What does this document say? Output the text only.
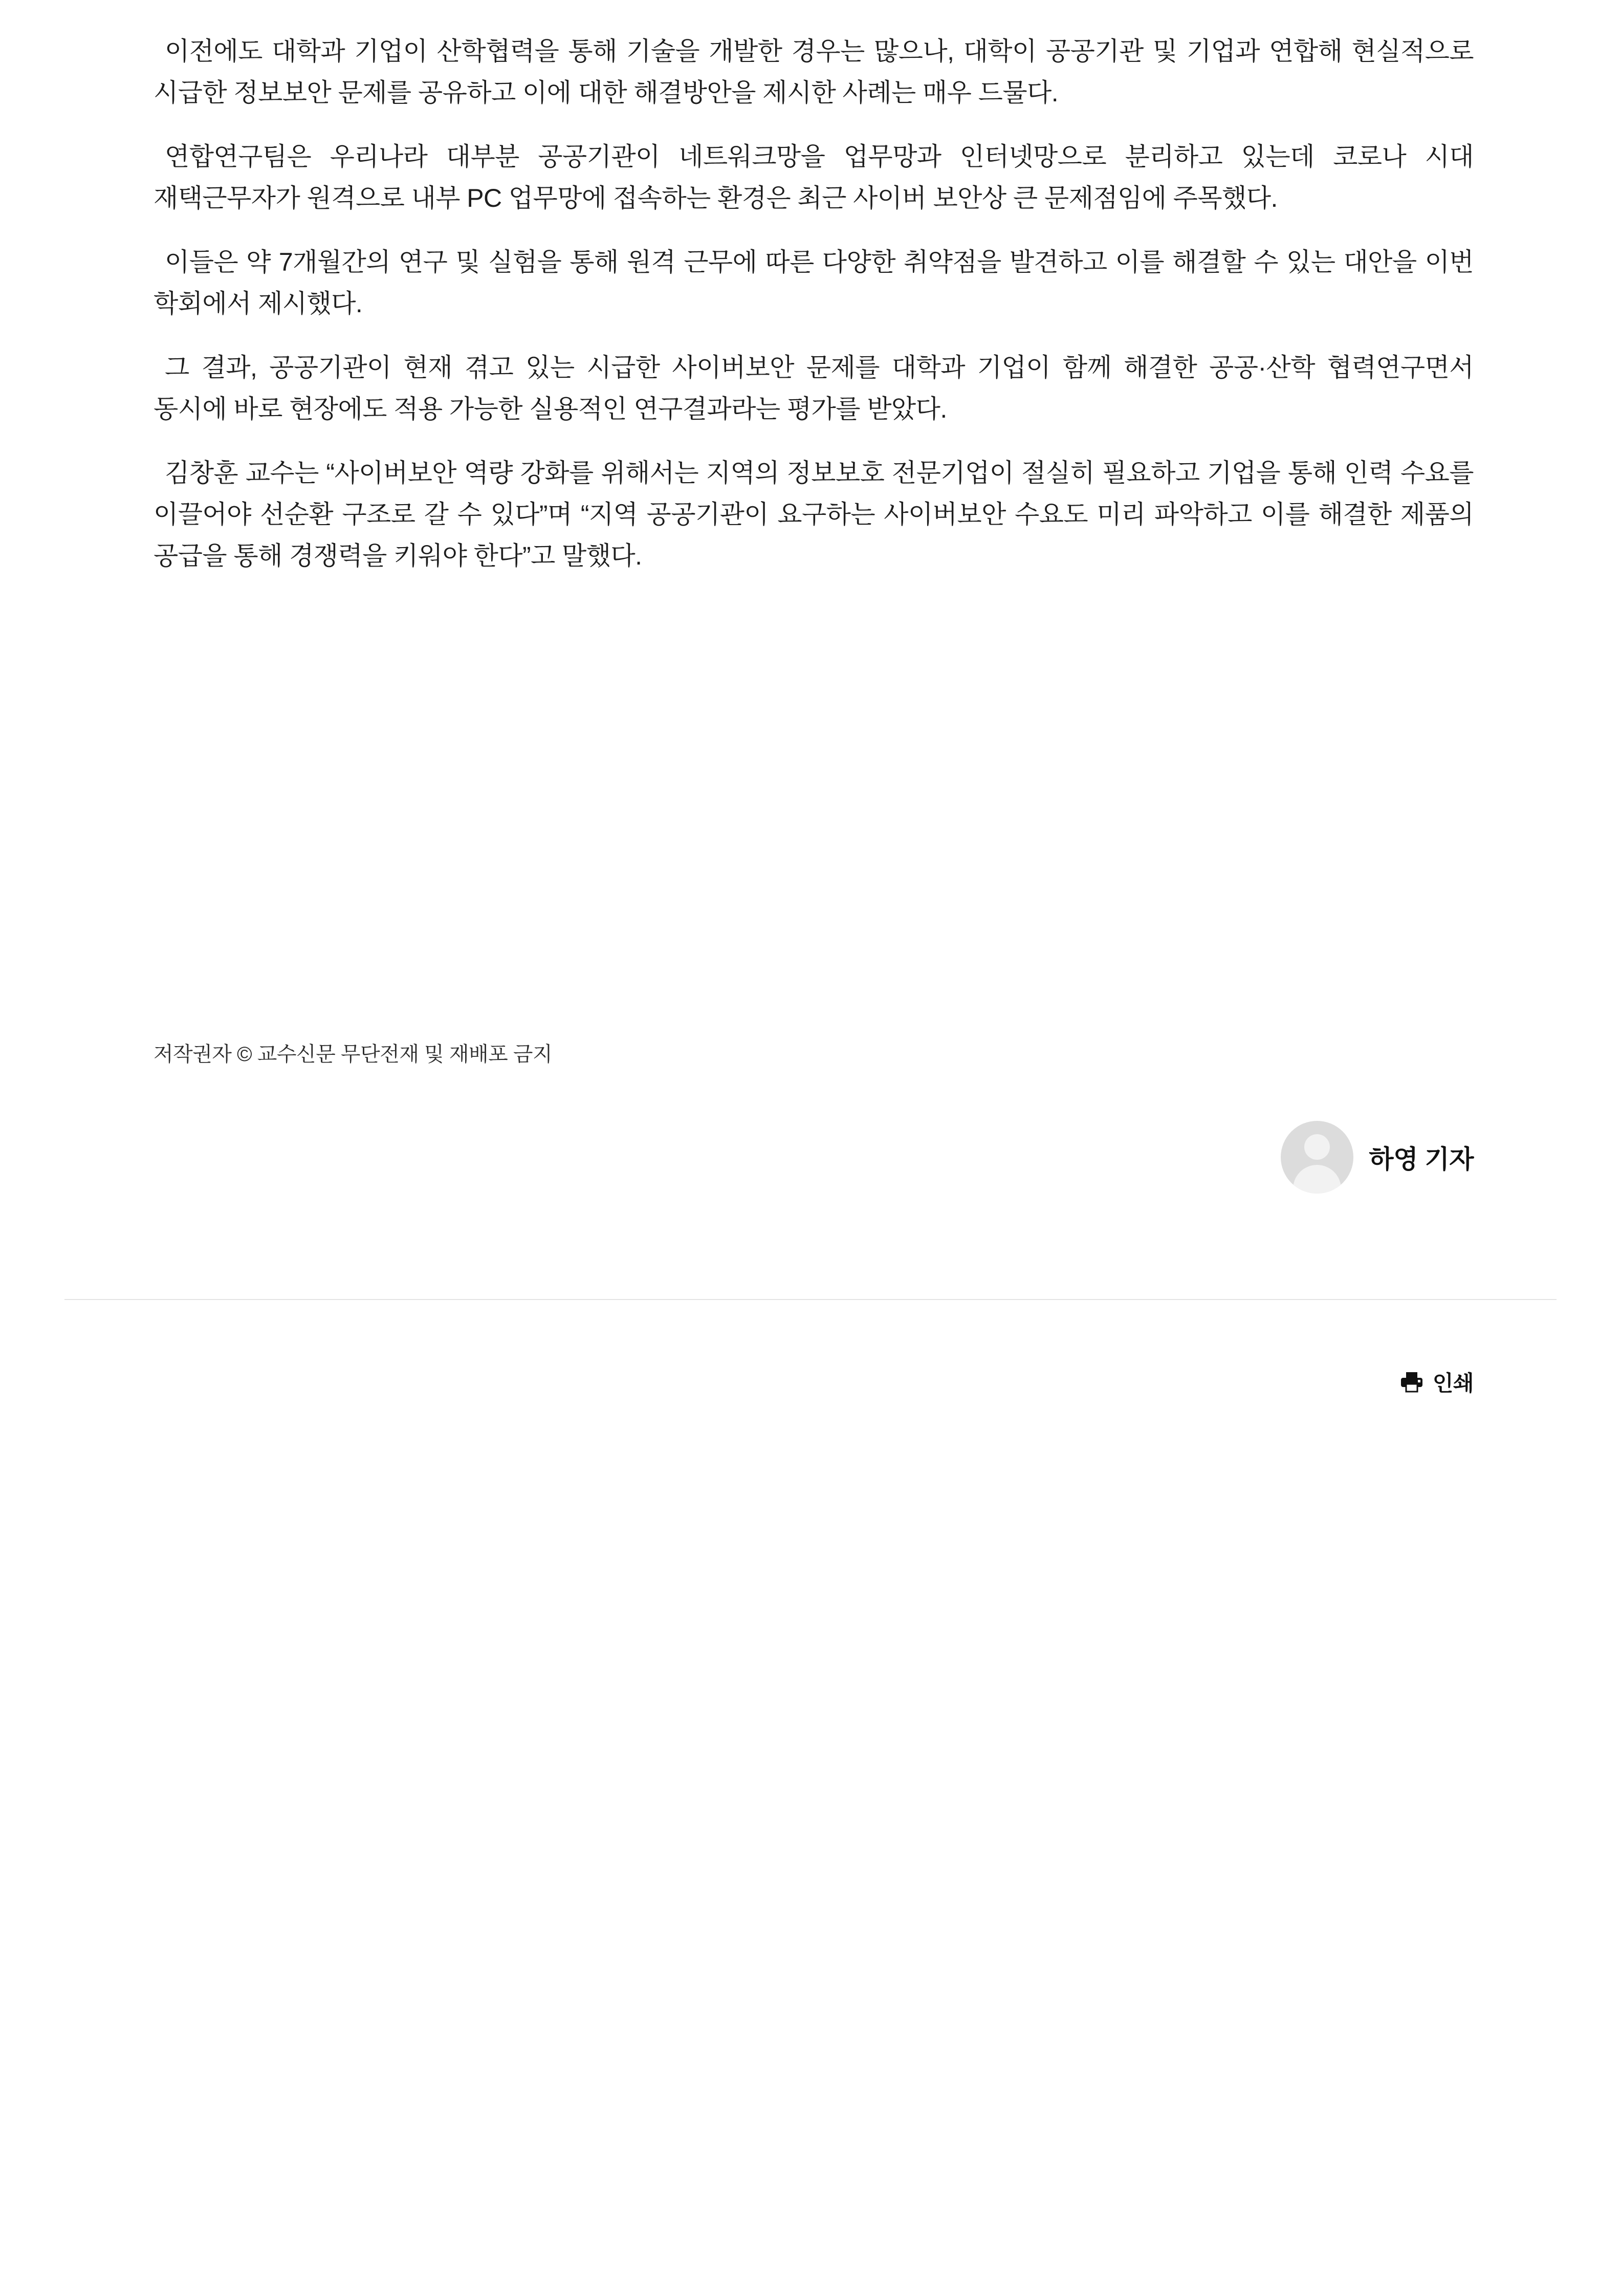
이전에도 대학과 기업이 산학협력을 통해 기술을 개발한 경우는 많으나, 대학이 공공기관 및 기업과 연합해 현실적으로 시급한 정보보안 문제를 공유하고 이에 대한 해결방안을 제시한 사례는 매우 드물다.

연합연구팀은 우리나라 대부분 공공기관이 네트워크망을 업무망과 인터넷망으로 분리하고 있는데 코로나 시대 재택근무자가 원격으로 내부 PC 업무망에 접속하는 환경은 최근 사이버 보안상 큰 문제점임에 주목했다.

이들은 약 7개월간의 연구 및 실험을 통해 원격 근무에 따른 다양한 취약점을 발견하고 이를 해결할 수 있는 대안을 이번 학회에서 제시했다.

그 결과, 공공기관이 현재 겪고 있는 시급한 사이버보안 문제를 대학과 기업이 함께 해결한 공공·산학 협력연구면서 동시에 바로 현장에도 적용 가능한 실용적인 연구결과라는 평가를 받았다.

김창훈 교수는 “사이버보안 역량 강화를 위해서는 지역의 정보보호 전문기업이 절실히 필요하고 기업을 통해 인력 수요를 이끌어야 선순환 구조로 갈 수 있다”며 “지역 공공기관이 요구하는 사이버보안 수요도 미리 파악하고 이를 해결한 제품의 공급을 통해 경쟁력을 키워야 한다”고 말했다.

저작권자 © 교수신문 무단전재 및 재배포 금지
하영 기자
인쇄
